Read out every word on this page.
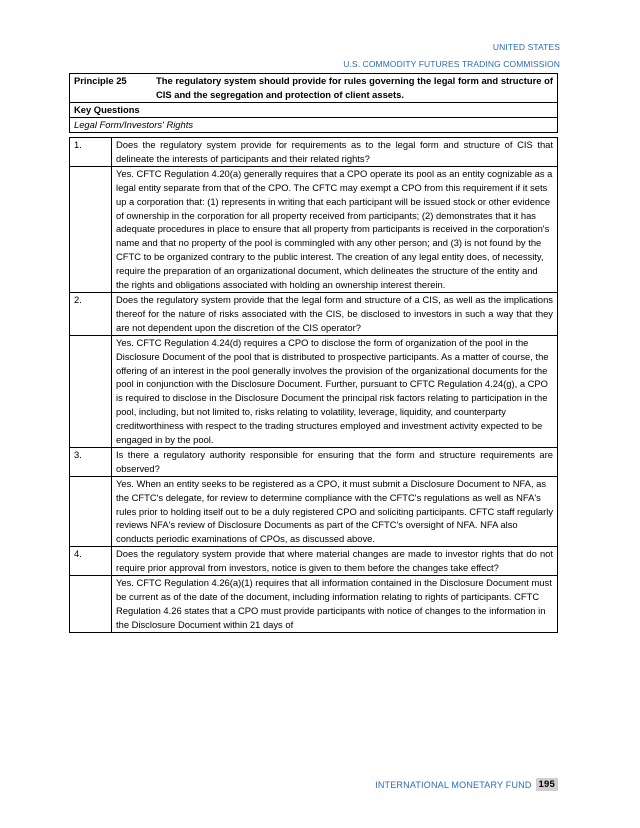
UNITED STATES
U.S. COMMODITY FUTURES TRADING COMMISSION
Principle 25	The regulatory system should provide for rules governing the legal form and structure of CIS and the segregation and protection of client assets.
Key Questions
Legal Form/Investors' Rights
1.	Does the regulatory system provide for requirements as to the legal form and structure of CIS that delineate the interests of participants and their related rights?
	Yes. CFTC Regulation 4.20(a) generally requires that a CPO operate its pool as an entity cognizable as a legal entity separate from that of the CPO. The CFTC may exempt a CPO from this requirement if it sets up a corporation that: (1) represents in writing that each participant will be issued stock or other evidence of ownership in the corporation for all property received from participants; (2) demonstrates that it has adequate procedures in place to ensure that all property from participants is received in the corporation's name and that no property of the pool is commingled with any other person; and (3) is not found by the CFTC to be organized contrary to the public interest. The creation of any legal entity does, of necessity, require the preparation of an organizational document, which delineates the structure of the entity and the rights and obligations associated with holding an ownership interest therein.
2.	Does the regulatory system provide that the legal form and structure of a CIS, as well as the implications thereof for the nature of risks associated with the CIS, be disclosed to investors in such a way that they are not dependent upon the discretion of the CIS operator?
	Yes. CFTC Regulation 4.24(d) requires a CPO to disclose the form of organization of the pool in the Disclosure Document of the pool that is distributed to prospective participants. As a matter of course, the offering of an interest in the pool generally involves the provision of the organizational documents for the pool in conjunction with the Disclosure Document. Further, pursuant to CFTC Regulation 4.24(g), a CPO is required to disclose in the Disclosure Document the principal risk factors relating to participation in the pool, including, but not limited to, risks relating to volatility, leverage, liquidity, and counterparty creditworthiness with respect to the trading structures employed and investment activity expected to be engaged in by the pool.
3.	Is there a regulatory authority responsible for ensuring that the form and structure requirements are observed?
	Yes. When an entity seeks to be registered as a CPO, it must submit a Disclosure Document to NFA, as the CFTC's delegate, for review to determine compliance with the CFTC's regulations as well as NFA's rules prior to holding itself out to be a duly registered CPO and soliciting participants. CFTC staff regularly reviews NFA's review of Disclosure Documents as part of the CFTC's oversight of NFA. NFA also conducts periodic examinations of CPOs, as discussed above.
4.	Does the regulatory system provide that where material changes are made to investor rights that do not require prior approval from investors, notice is given to them before the changes take effect?
	Yes. CFTC Regulation 4.26(a)(1) requires that all information contained in the Disclosure Document must be current as of the date of the document, including information relating to rights of participants. CFTC Regulation 4.26 states that a CPO must provide participants with notice of changes to the information in the Disclosure Document within 21 days of
INTERNATIONAL MONETARY FUND 195
